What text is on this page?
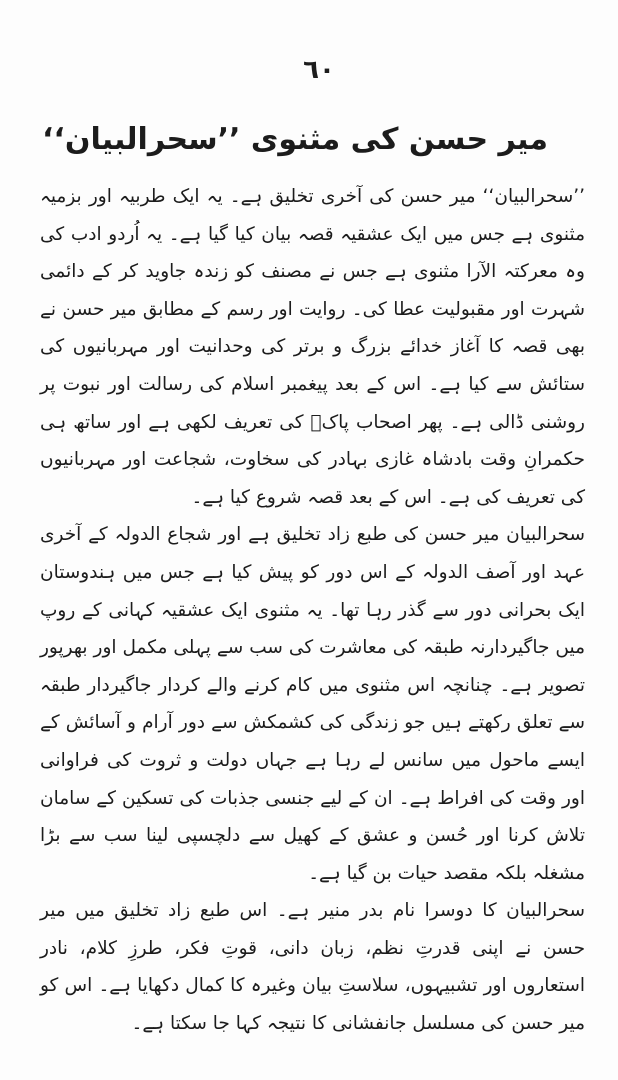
٦٠
میر حسن کی مثنوی ’’سحرالبیان‘‘

’’سحرالبیان‘‘ میر حسن کی آخری تخلیق ہے۔ یہ ایک طربیہ اور بزمیہ مثنوی ہے جس میں ایک عشقیہ قصہ بیان کیا گیا ہے۔ یہ اُردو ادب کی وہ معرکتہ الآرا مثنوی ہے جس نے مصنف کو زندہ جاوید کر کے دائمی شہرت اور مقبولیت عطا کی۔ روایت اور رسم کے مطابق میر حسن نے بھی قصہ کا آغاز خدائے بزرگ و برتر کی وحدانیت اور مہربانیوں کی ستائش سے کیا ہے۔ اس کے بعد پیغمبر اسلام کی رسالت اور نبوت پر روشنی ڈالی ہے۔ پھر اصحاب پاکؓ کی تعریف لکھی ہے اور ساتھ ہی حکمرانِ وقت بادشاہ غازی بہادر کی سخاوت، شجاعت اور مہربانیوں کی تعریف کی ہے۔ اس کے بعد قصہ شروع کیا ہے۔

سحرالبیان میر حسن کی طبع زاد تخلیق ہے اور شجاع الدولہ کے آخری عہد اور آصف الدولہ کے اس دور کو پیش کیا ہے جس میں ہندوستان ایک بحرانی دور سے گذر رہا تھا۔ یہ مثنوی ایک عشقیہ کہانی کے روپ میں جاگیردارنہ طبقہ کی معاشرت کی سب سے پہلی مکمل اور بھرپور تصویر ہے۔ چنانچہ اس مثنوی میں کام کرنے والے کردار جاگیردار طبقہ سے تعلق رکھتے ہیں جو زندگی کی کشمکش سے دور آرام و آسائش کے ایسے ماحول میں سانس لے رہا ہے جہاں دولت و ثروت کی فراوانی اور وقت کی افراط ہے۔ ان کے لیے جنسی جذبات کی تسکین کے سامان تلاش کرنا اور حُسن و عشق کے کھیل سے دلچسپی لینا سب سے بڑا مشغلہ بلکہ مقصد حیات بن گیا ہے۔

سحرالبیان کا دوسرا نام بدر منیر ہے۔ اس طبع زاد تخلیق میں میر حسن نے اپنی قدرتِ نظم، زبان دانی، قوتِ فکر، طرزِ کلام، نادر استعاروں اور تشبیہوں، سلاستِ بیان وغیرہ کا کمال دکھایا ہے۔ اس کو میر حسن کی مسلسل جانفشانی کا نتیجہ کہا جا سکتا ہے۔
